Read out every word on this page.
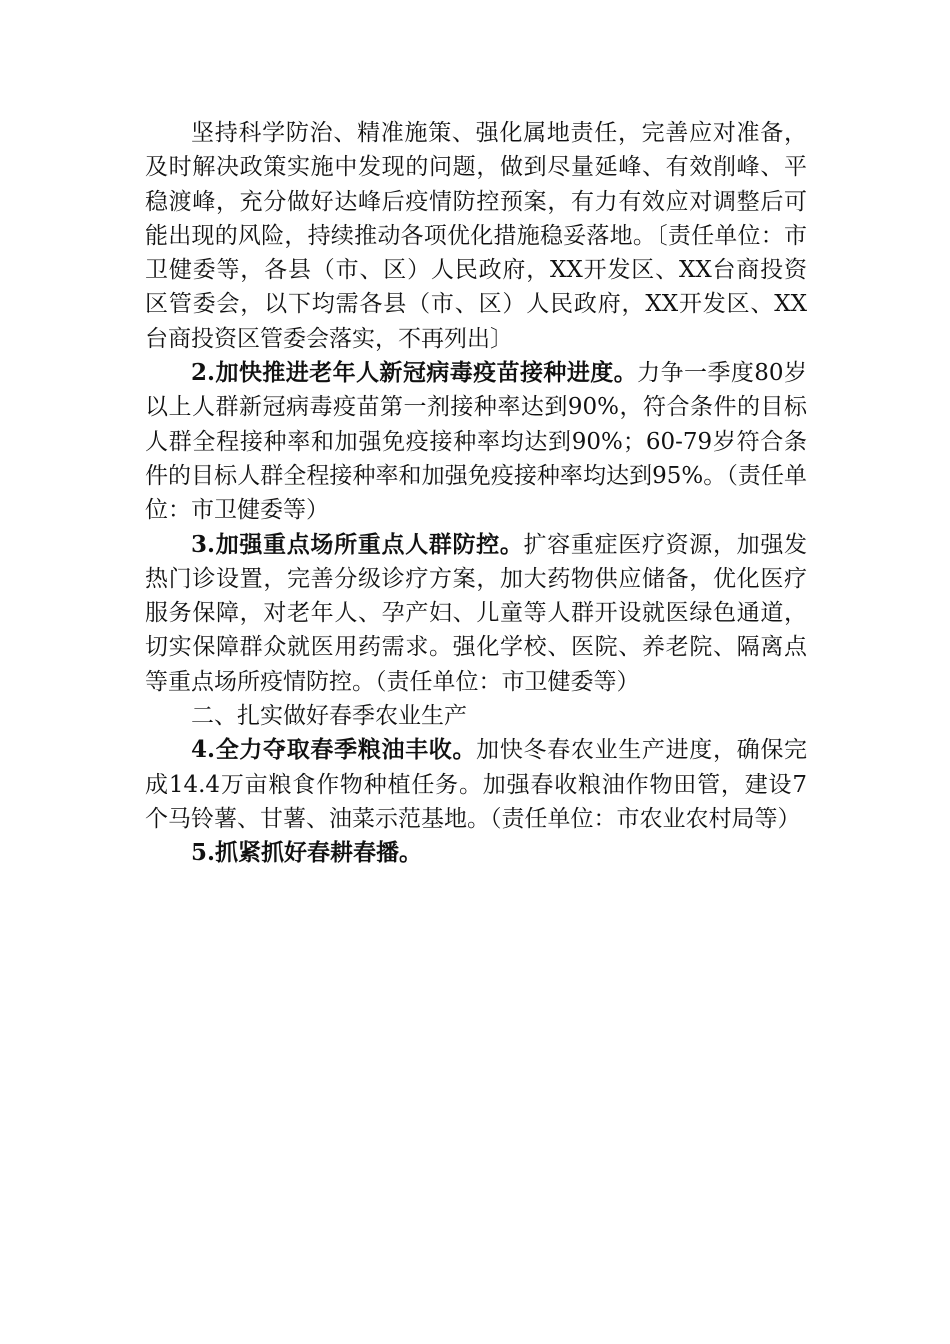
坚持科学防治、精准施策、强化属地责任，完善应对准备，及时解决政策实施中发现的问题，做到尽量延峰、有效削峰、平稳渡峰，充分做好达峰后疫情防控预案，有力有效应对调整后可能出现的风险，持续推动各项优化措施稳妥落地。〔责任单位：市卫健委等，各县（市、区）人民政府，XX开发区、XX台商投资区管委会，以下均需各县（市、区）人民政府，XX开发区、XX台商投资区管委会落实，不再列出〕

2.加快推进老年人新冠病毒疫苗接种进度。力争一季度80岁以上人群新冠病毒疫苗第一剂接种率达到90%，符合条件的目标人群全程接种率和加强免疫接种率均达到90%；60-79岁符合条件的目标人群全程接种率和加强免疫接种率均达到95%。（责任单位：市卫健委等）

3.加强重点场所重点人群防控。扩容重症医疗资源，加强发热门诊设置，完善分级诊疗方案，加大药物供应储备，优化医疗服务保障，对老年人、孕产妇、儿童等人群开设就医绿色通道，切实保障群众就医用药需求。强化学校、医院、养老院、隔离点等重点场所疫情防控。（责任单位：市卫健委等）

二、扎实做好春季农业生产

4.全力夺取春季粮油丰收。加快冬春农业生产进度，确保完成14.4万亩粮食作物种植任务。加强春收粮油作物田管，建设7个马铃薯、甘薯、油菜示范基地。（责任单位：市农业农村局等）

5.抓紧抓好春耕春播。
